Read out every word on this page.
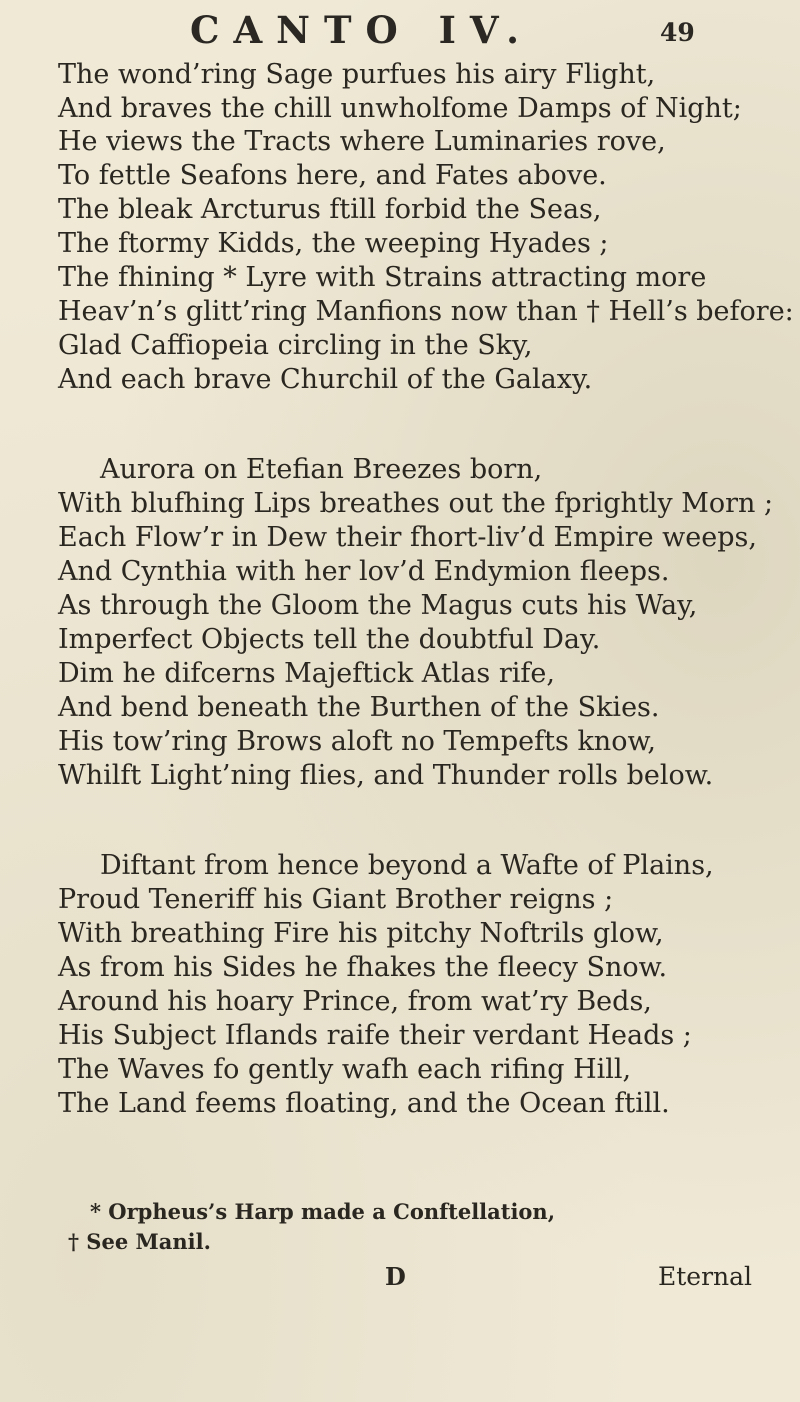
CANTO IV.	49
The wond’ring Sage purfues his airy Flight,
And braves the chill unwholfome Damps of Night;
He views the Tracts where Luminaries rove,
To fettle Seafons here, and Fates above.
The bleak Arcturus ftill forbid the Seas,
The ftormy Kidds, the weeping Hyades ;
The fhining * Lyre with Strains attracting more
Heav’n’s glitt’ring Manfions now than † Hell’s before:
Glad Caffiopeia circling in the Sky,
And each brave Churchil of the Galaxy.
Aurora on Etefian Breezes born,
With blufhing Lips breathes out the fprightly Morn ;
Each Flow’r in Dew their fhort-liv’d Empire weeps,
And Cynthia with her lov’d Endymion fleeps.
As through the Gloom the Magus cuts his Way,
Imperfect Objects tell the doubtful Day.
Dim he difcerns Majeftick Atlas rife,
And bend beneath the Burthen of the Skies.
His tow’ring Brows aloft no Tempefts know,
Whilft Light’ning flies, and Thunder rolls below.
Diftant from hence beyond a Wafte of Plains,
Proud Teneriff his Giant Brother reigns ;
With breathing Fire his pitchy Noftrils glow,
As from his Sides he fhakes the fleecy Snow.
Around his hoary Prince, from wat’ry Beds,
His Subject Iflands raife their verdant Heads ;
The Waves fo gently wafh each rifing Hill,
The Land feems floating, and the Ocean ftill.
* Orpheus’s Harp made a Conftellation,
† See Manil.
D	Eternal
